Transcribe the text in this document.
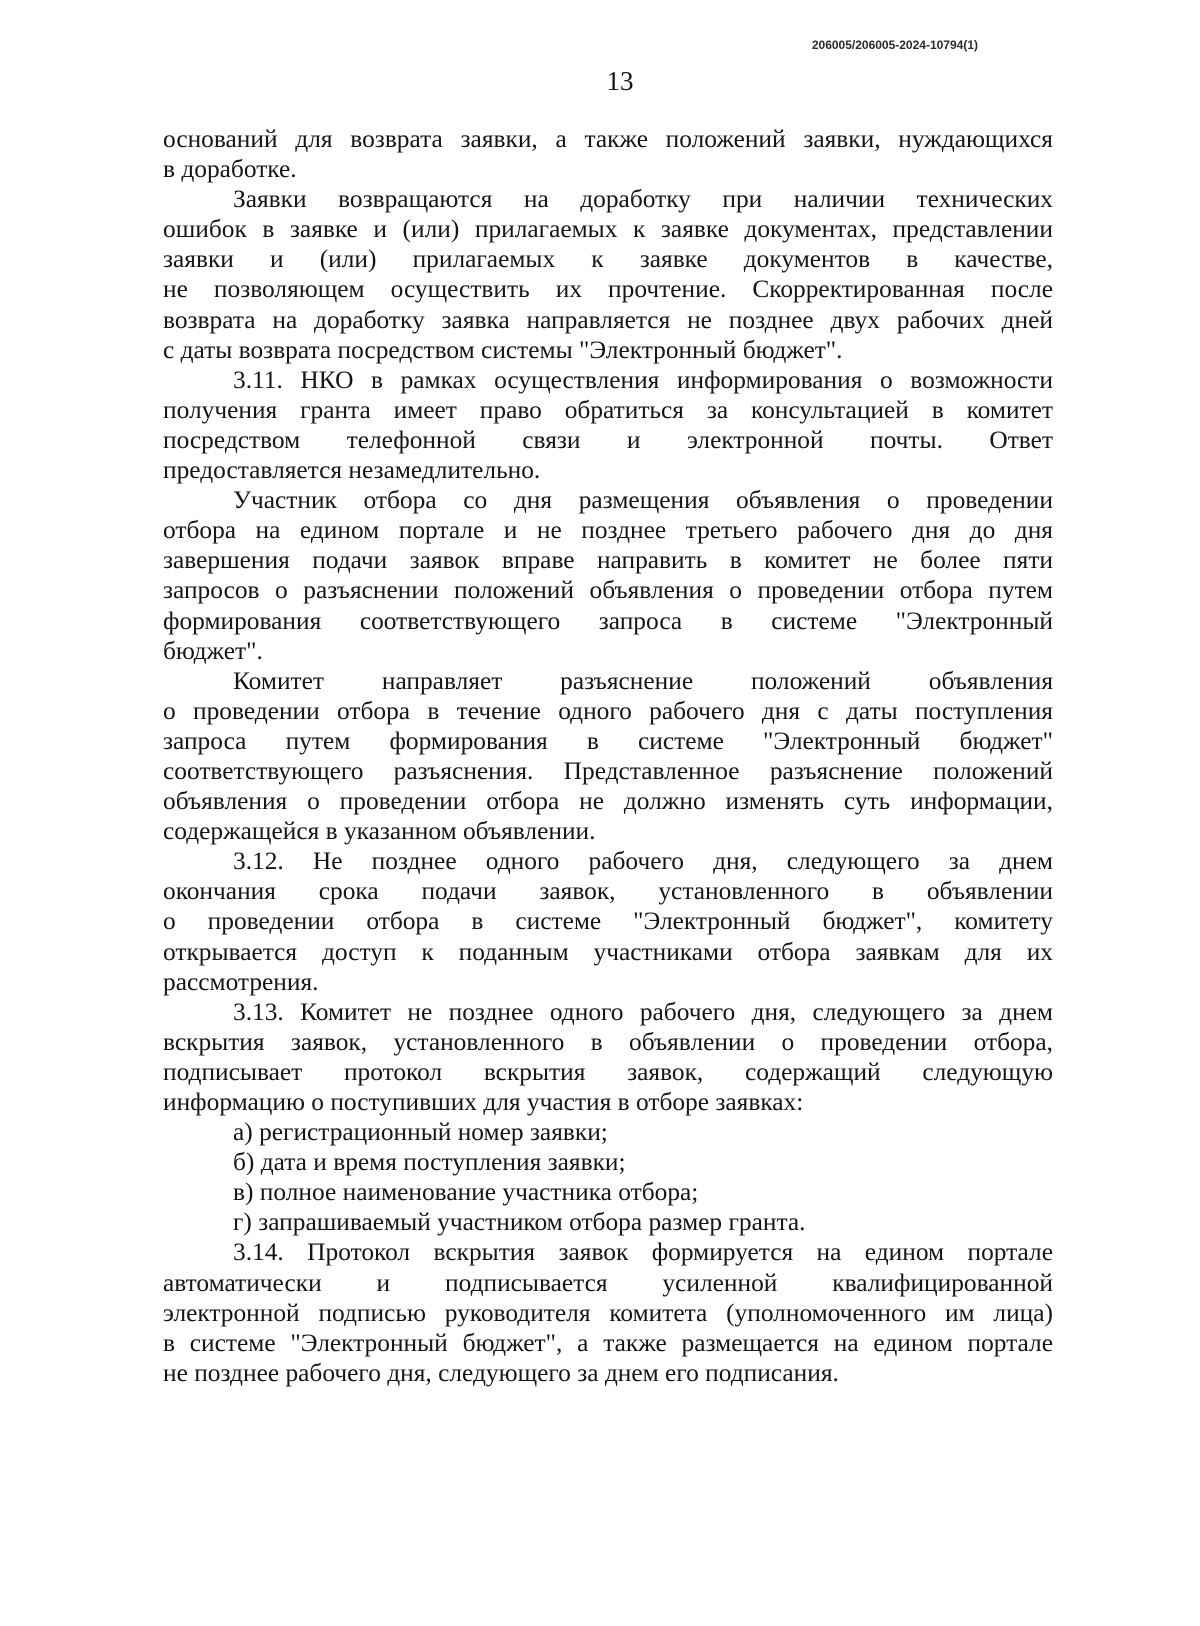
206005/206005-2024-10794(1)
13
оснований для возврата заявки, а также положений заявки, нуждающихся
в доработке.
Заявки возвращаются на доработку при наличии технических
ошибок в заявке и (или) прилагаемых к заявке документах, представлении
заявки и (или) прилагаемых к заявке документов в качестве,
не позволяющем осуществить их прочтение. Скорректированная после
возврата на доработку заявка направляется не позднее двух рабочих дней
с даты возврата посредством системы "Электронный бюджет".
3.11. НКО в рамках осуществления информирования о возможности
получения гранта имеет право обратиться за консультацией в комитет
посредством телефонной связи и электронной почты. Ответ
предоставляется незамедлительно.
Участник отбора со дня размещения объявления о проведении
отбора на едином портале и не позднее третьего рабочего дня до дня
завершения подачи заявок вправе направить в комитет не более пяти
запросов о разъяснении положений объявления о проведении отбора путем
формирования соответствующего запроса в системе "Электронный
бюджет".
Комитет направляет разъяснение положений объявления
о проведении отбора в течение одного рабочего дня с даты поступления
запроса путем формирования в системе "Электронный бюджет"
соответствующего разъяснения. Представленное разъяснение положений
объявления о проведении отбора не должно изменять суть информации,
содержащейся в указанном объявлении.
3.12. Не позднее одного рабочего дня, следующего за днем
окончания срока подачи заявок, установленного в объявлении
о проведении отбора в системе "Электронный бюджет", комитету
открывается доступ к поданным участниками отбора заявкам для их
рассмотрения.
3.13. Комитет не позднее одного рабочего дня, следующего за днем
вскрытия заявок, установленного в объявлении о проведении отбора,
подписывает протокол вскрытия заявок, содержащий следующую
информацию о поступивших для участия в отборе заявках:
а) регистрационный номер заявки;
б) дата и время поступления заявки;
в) полное наименование участника отбора;
г) запрашиваемый участником отбора размер гранта.
3.14. Протокол вскрытия заявок формируется на едином портале
автоматически и подписывается усиленной квалифицированной
электронной подписью руководителя комитета (уполномоченного им лица)
в системе "Электронный бюджет", а также размещается на едином портале
не позднее рабочего дня, следующего за днем его подписания.
